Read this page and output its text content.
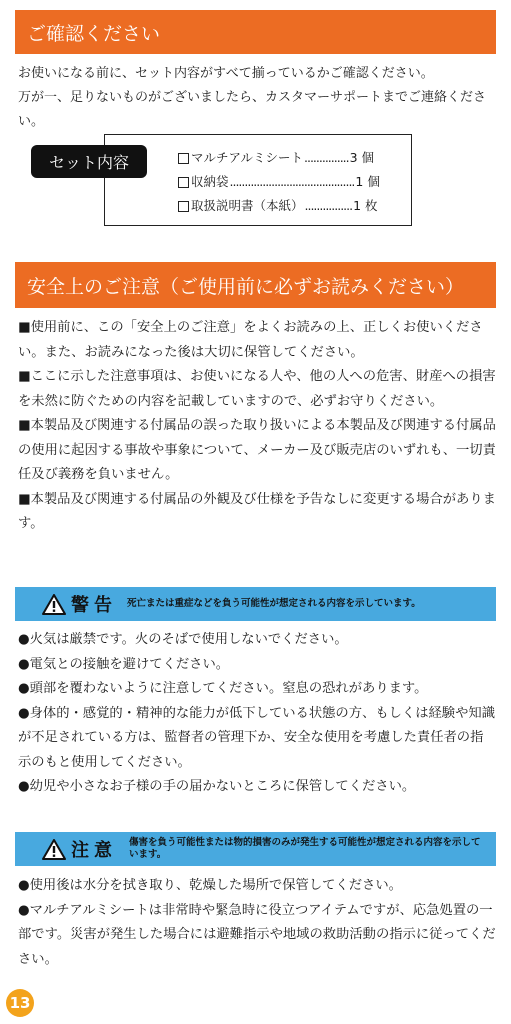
ご確認ください

お使いになる前に、セット内容がすべて揃っているかご確認ください。
万が一、足りないものがございましたら、カスタマーサポートまでご連絡ください。

セット内容	マルチアルミシート ............... 3 個
収納袋 .......................................... 1 個
取扱説明書（本紙） ................ 1 枚
安全上のご注意（ご使用前に必ずお読みください）

■使用前に、この「安全上のご注意」をよくお読みの上、正しくお使いください。また、お読みになった後は大切に保管してください。

■ここに示した注意事項は、お使いになる人や、他の人への危害、財産への損害を未然に防ぐための内容を記載していますので、必ずお守りください。

■本製品及び関連する付属品の誤った取り扱いによる本製品及び関連する付属品の使用に起因する事故や事象について、メーカー及び販売店のいずれも、一切責任及び義務を負いません。

■本製品及び関連する付属品の外観及び仕様を予告なしに変更する場合があります。

警告 死亡または重症などを負う可能性が想定される内容を示しています。

●火気は厳禁です。火のそばで使用しないでください。

●電気との接触を避けてください。

●頭部を覆わないように注意してください。窒息の恐れがあります。

●身体的・感覚的・精神的な能力が低下している状態の方、もしくは経験や知識が不足されている方は、監督者の管理下か、安全な使用を考慮した責任者の指示のもと使用してください。

●幼児や小さなお子様の手の届かないところに保管してください。

注意 傷害を負う可能性または物的損害のみが発生する可能性が想定される内容を示しています。

●使用後は水分を拭き取り、乾燥した場所で保管してください。

●マルチアルミシートは非常時や緊急時に役立つアイテムですが、応急処置の一部です。災害が発生した場合には避難指示や地域の救助活動の指示に従ってください。

13
